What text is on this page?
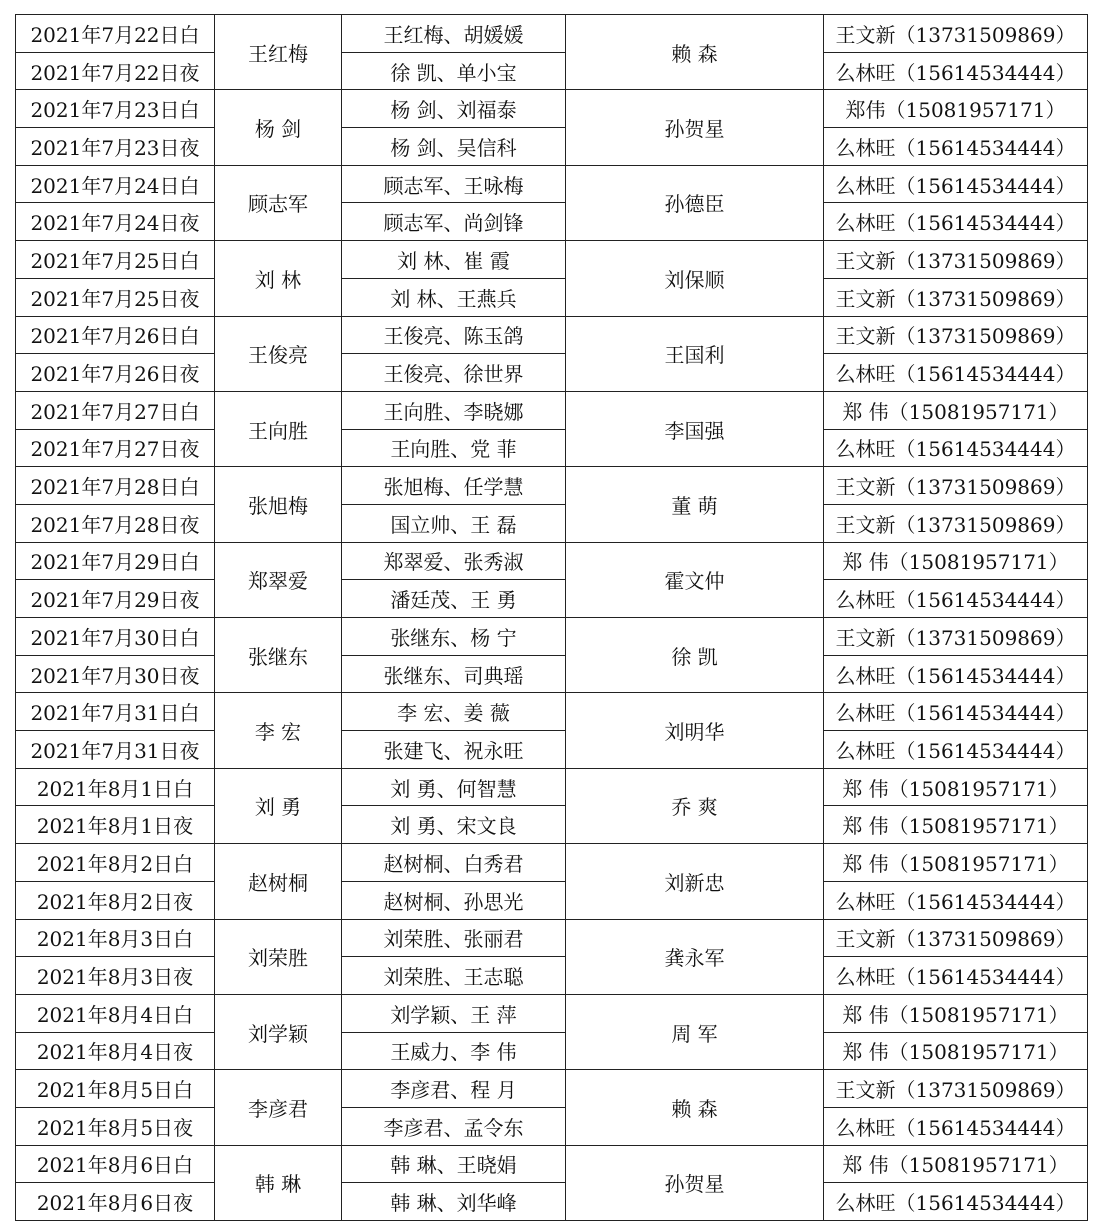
2021年7月22日白	王红梅	王红梅、胡媛媛	赖 森	王文新（13731509869）
2021年7月22日夜		徐 凯、单小宝		么林旺（15614534444）
2021年7月23日白	杨 剑	杨 剑、刘福泰	孙贺星	郑伟（15081957171）
2021年7月23日夜		杨 剑、吴信科		么林旺（15614534444）
2021年7月24日白	顾志军	顾志军、王咏梅	孙德臣	么林旺（15614534444）
2021年7月24日夜		顾志军、尚剑锋		么林旺（15614534444）
2021年7月25日白	刘 林	刘 林、崔 霞	刘保顺	王文新（13731509869）
2021年7月25日夜		刘 林、王燕兵		王文新（13731509869）
2021年7月26日白	王俊亮	王俊亮、陈玉鸽	王国利	王文新（13731509869）
2021年7月26日夜		王俊亮、徐世界		么林旺（15614534444）
2021年7月27日白	王向胜	王向胜、李晓娜	李国强	郑 伟（15081957171）
2021年7月27日夜		王向胜、党 菲		么林旺（15614534444）
2021年7月28日白	张旭梅	张旭梅、任学慧	董 萌	王文新（13731509869）
2021年7月28日夜		国立帅、王 磊		王文新（13731509869）
2021年7月29日白	郑翠爱	郑翠爱、张秀淑	霍文仲	郑 伟（15081957171）
2021年7月29日夜		潘廷茂、王 勇		么林旺（15614534444）
2021年7月30日白	张继东	张继东、杨 宁	徐 凯	王文新（13731509869）
2021年7月30日夜		张继东、司典瑶		么林旺（15614534444）
2021年7月31日白	李 宏	李 宏、姜 薇	刘明华	么林旺（15614534444）
2021年7月31日夜		张建飞、祝永旺		么林旺（15614534444）
2021年8月1日白	刘 勇	刘 勇、何智慧	乔 爽	郑 伟（15081957171）
2021年8月1日夜		刘 勇、宋文良		郑 伟（15081957171）
2021年8月2日白	赵树桐	赵树桐、白秀君	刘新忠	郑 伟（15081957171）
2021年8月2日夜		赵树桐、孙思光		么林旺（15614534444）
2021年8月3日白	刘荣胜	刘荣胜、张丽君	龚永军	王文新（13731509869）
2021年8月3日夜		刘荣胜、王志聪		么林旺（15614534444）
2021年8月4日白	刘学颖	刘学颖、王 萍	周 军	郑 伟（15081957171）
2021年8月4日夜		王威力、李 伟		郑 伟（15081957171）
2021年8月5日白	李彦君	李彦君、程 月	赖 森	王文新（13731509869）
2021年8月5日夜		李彦君、孟令东		么林旺（15614534444）
2021年8月6日白	韩 琳	韩 琳、王晓娟	孙贺星	郑 伟（15081957171）
2021年8月6日夜		韩 琳、刘华峰		么林旺（15614534444）
